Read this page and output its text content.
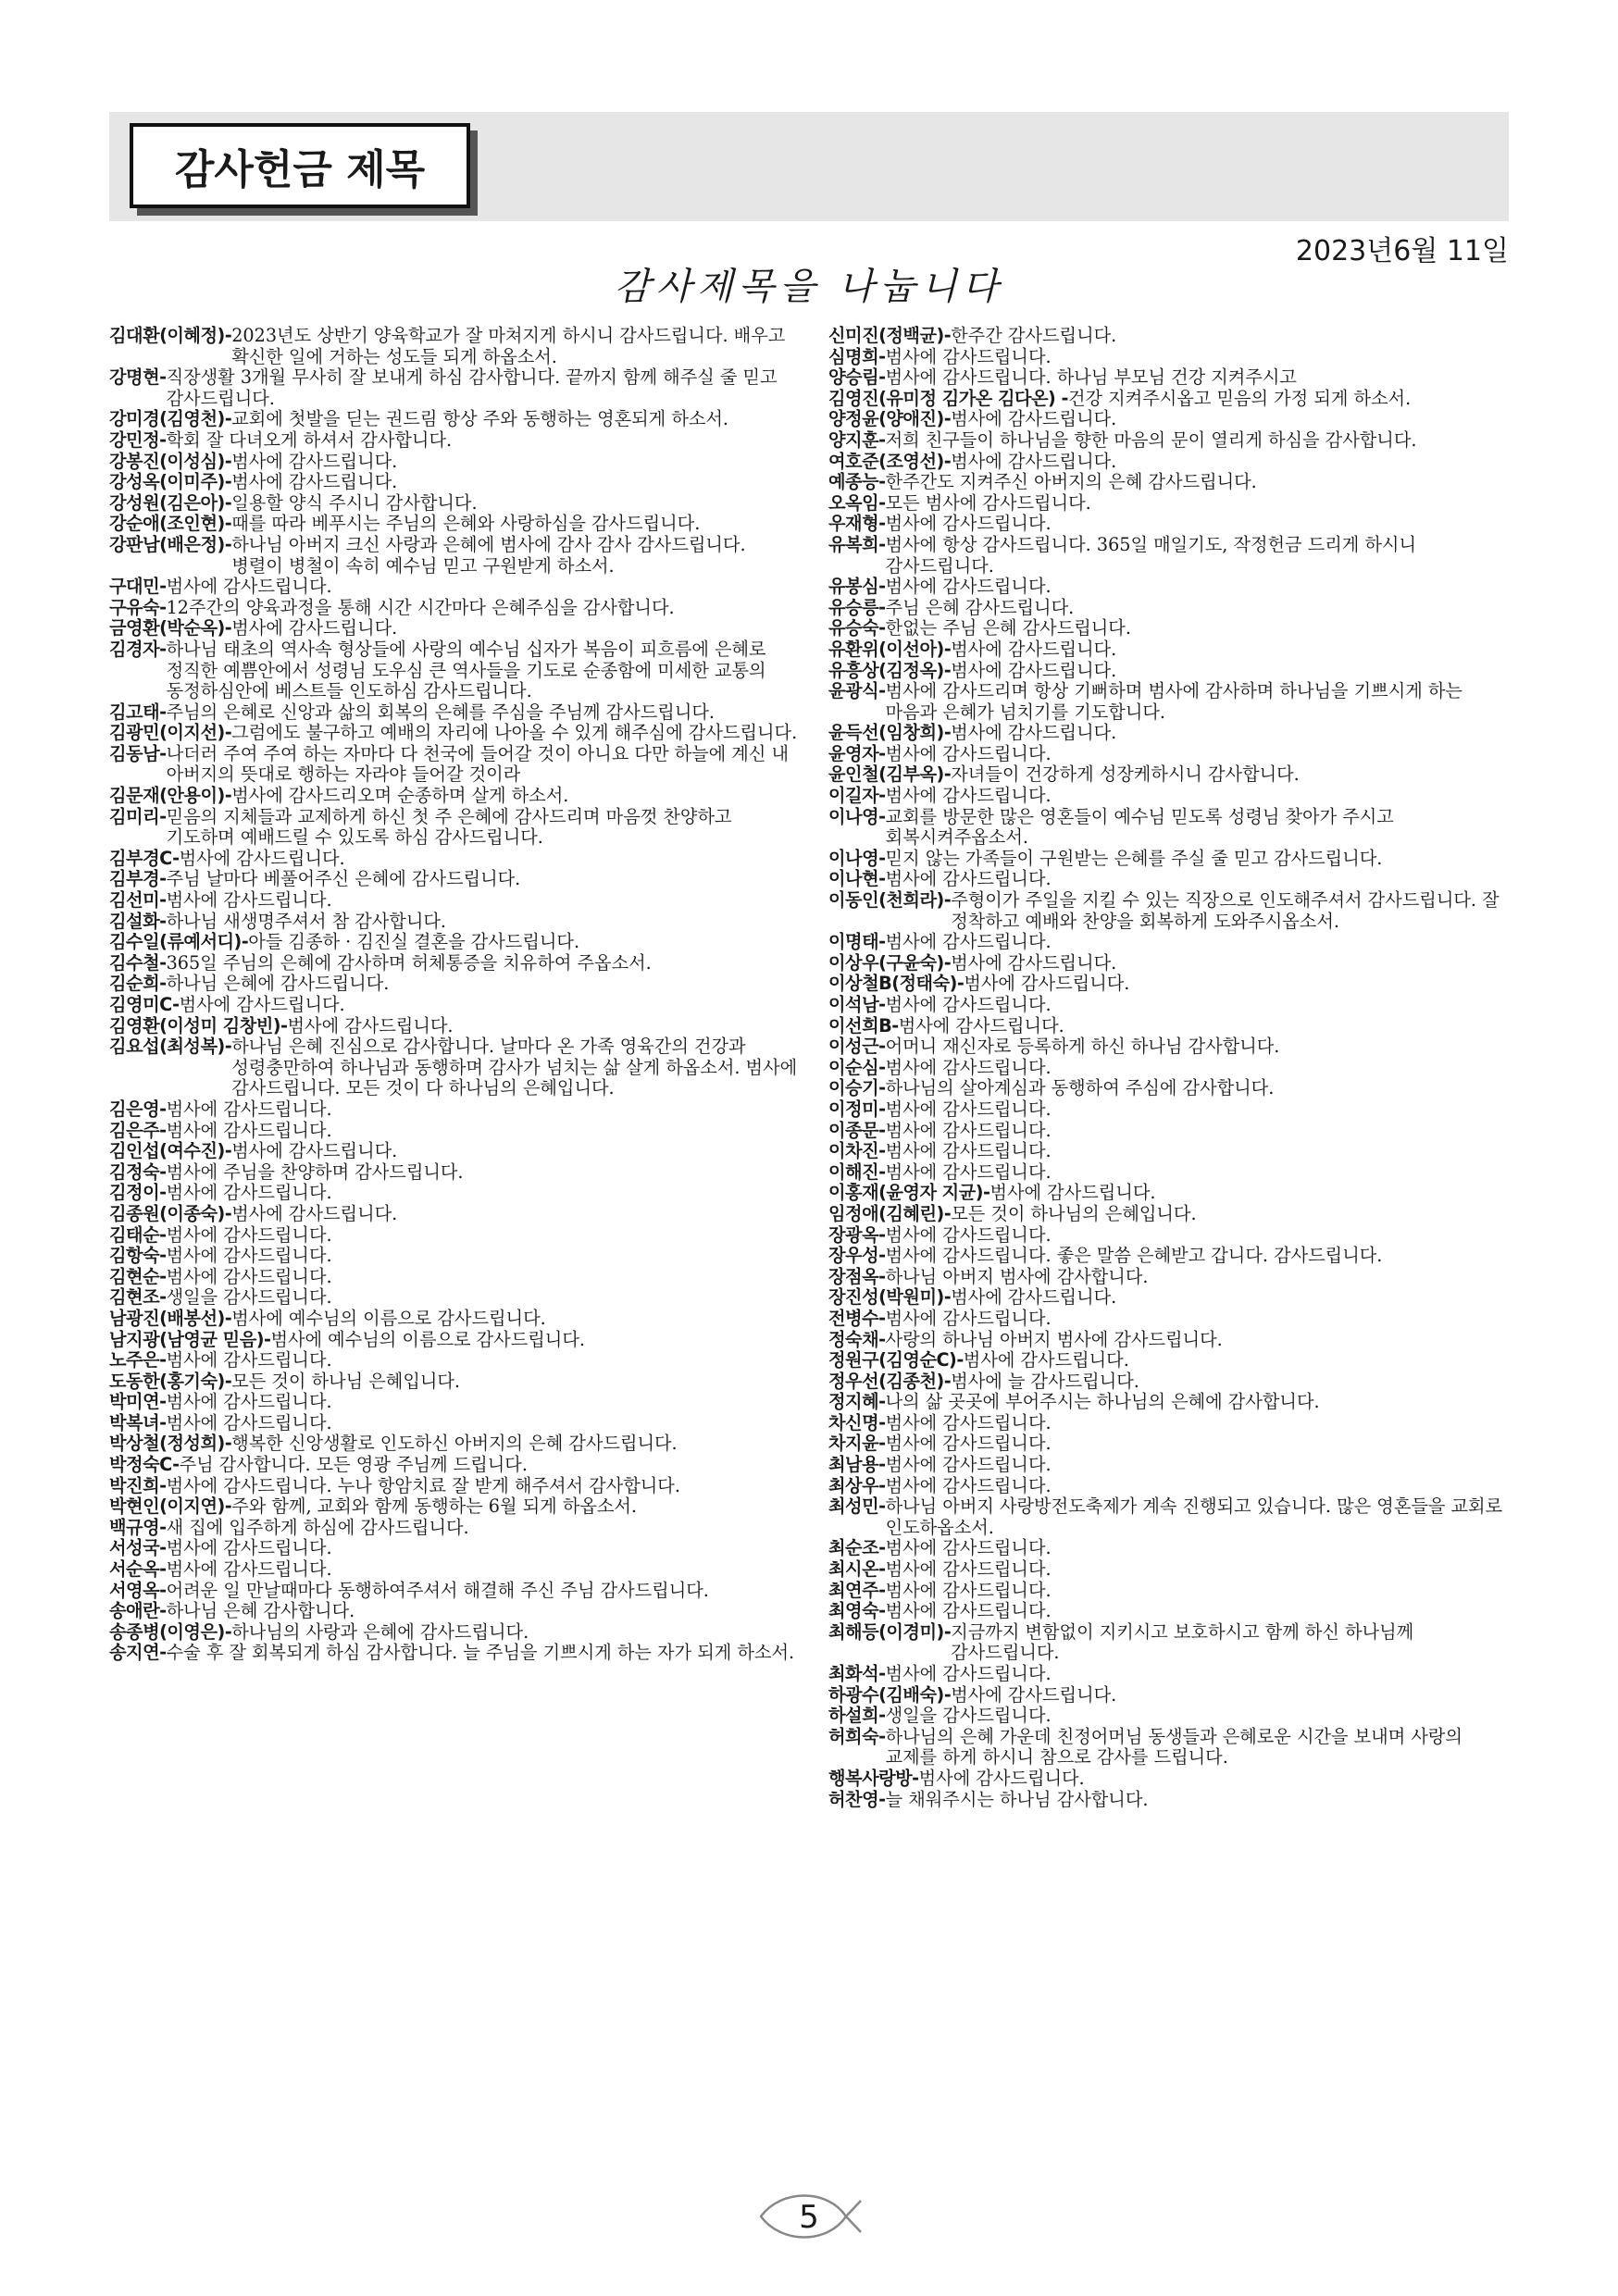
감사헌금 제목
2023년6월 11일
감사제목을 나눕니다
김대환(이혜정)- 2023년도 상반기 양육학교가 잘 마쳐지게 하시니 감사드립니다. 배우고 확신한 일에 거하는 성도들 되게 하옵소서.
강명현- 직장생활 3개월 무사히 잘 보내게 하심 감사합니다. 끝까지 함께 해주실 줄 믿고 감사드립니다.
강미경(김영천)- 교회에 첫발을 딛는 권드림 항상 주와 동행하는 영혼되게 하소서.
강민정- 학회 잘 다녀오게 하셔서 감사합니다.
강봉진(이성심)- 범사에 감사드립니다.
강성옥(이미주)- 범사에 감사드립니다.
강성원(김은아)- 일용할 양식 주시니 감사합니다.
강순애(조인현)- 때를 따라 베푸시는 주님의 은혜와 사랑하심을 감사드립니다.
강판남(배은정)- 하나님 아버지 크신 사랑과 은혜에 범사에 감사 감사 감사드립니다. 병렬이 병철이 속히 예수님 믿고 구원받게 하소서.
구대민- 범사에 감사드립니다.
구유숙- 12주간의 양육과정을 통해 시간 시간마다 은혜주심을 감사합니다.
금영환(박순옥)- 범사에 감사드립니다.
김경자- 하나님 태초의 역사속 형상들에 사랑의 예수님 십자가 복음이 피흐름에 은혜로 정직한 예쁨안에서 성령님 도우심 큰 역사들을 기도로 순종함에 미세한 교통의 동정하심안에 베스트들 인도하심 감사드립니다.
김고태- 주님의 은혜로 신앙과 삶의 회복의 은혜를 주심을 주님께 감사드립니다.
김광민(이지선)- 그럼에도 불구하고 예배의 자리에 나아올 수 있게 해주심에 감사드립니다.
김동남- 나더러 주여 주여 하는 자마다 다 천국에 들어갈 것이 아니요 다만 하늘에 계신 내 아버지의 뜻대로 행하는 자라야 들어갈 것이라
김문재(안용이)- 범사에 감사드리오며 순종하며 살게 하소서.
김미리- 믿음의 지체들과 교제하게 하신 첫 주 은혜에 감사드리며 마음껏 찬양하고 기도하며 예배드릴 수 있도록 하심 감사드립니다.
김부경C- 범사에 감사드립니다.
김부경- 주님 날마다 베풀어주신 은혜에 감사드립니다.
김선미- 범사에 감사드립니다.
김설화- 하나님 새생명주셔서 참 감사합니다.
김수일(류예서디)- 아들 김종하 · 김진실 결혼을 감사드립니다.
김수철- 365일 주님의 은혜에 감사하며 허체통증을 치유하여 주옵소서.
김순희- 하나님 은혜에 감사드립니다.
김영미C- 범사에 감사드립니다.
김영환(이성미 김창빈)- 범사에 감사드립니다.
김요섭(최성복)- 하나님 은혜 진심으로 감사합니다. 날마다 온 가족 영육간의 건강과 성령충만하여 하나님과 동행하며 감사가 넘치는 삶 살게 하옵소서. 범사에 감사드립니다. 모든 것이 다 하나님의 은혜입니다.
김은영- 범사에 감사드립니다.
김은주- 범사에 감사드립니다.
김인섭(여수진)- 범사에 감사드립니다.
김정숙- 범사에 주님을 찬양하며 감사드립니다.
김정이- 범사에 감사드립니다.
김종원(이종숙)- 범사에 감사드립니다.
김태순- 범사에 감사드립니다.
김항숙- 범사에 감사드립니다.
김현순- 범사에 감사드립니다.
김현조- 생일을 감사드립니다.
남광진(배봉선)- 범사에 예수님의 이름으로 감사드립니다.
남지광(남영균 믿음)- 범사에 예수님의 이름으로 감사드립니다.
노주은- 범사에 감사드립니다.
도동한(홍기숙)- 모든 것이 하나님 은혜입니다.
박미연- 범사에 감사드립니다.
박복녀- 범사에 감사드립니다.
박상철(정성희)- 행복한 신앙생활로 인도하신 아버지의 은혜 감사드립니다.
박정숙C- 주님 감사합니다. 모든 영광 주님께 드립니다.
박진희- 범사에 감사드립니다. 누나 항암치료 잘 받게 해주셔서 감사합니다.
박현인(이지연)- 주와 함께, 교회와 함께 동행하는 6월 되게 하옵소서.
백규영- 새 집에 입주하게 하심에 감사드립니다.
서성국- 범사에 감사드립니다.
서순옥- 범사에 감사드립니다.
서영옥- 어려운 일 만날때마다 동행하여주셔서 해결해 주신 주님 감사드립니다.
송애란- 하나님 은혜 감사합니다.
송종병(이영은)- 하나님의 사랑과 은혜에 감사드립니다.
송지연- 수술 후 잘 회복되게 하심 감사합니다. 늘 주님을 기쁘시게 하는 자가 되게 하소서.
신미진(정백균)- 한주간 감사드립니다.
심명희- 범사에 감사드립니다.
양승림- 범사에 감사드립니다. 하나님 부모님 건강 지켜주시고
김영진(유미정 김가온 김다온) - 건강 지켜주시옵고 믿음의 가정 되게 하소서.
양정윤(양애진)- 범사에 감사드립니다.
양지훈- 저희 친구들이 하나님을 향한 마음의 문이 열리게 하심을 감사합니다.
여호준(조영선)- 범사에 감사드립니다.
예종능- 한주간도 지켜주신 아버지의 은혜 감사드립니다.
오옥임- 모든 범사에 감사드립니다.
우재형- 범사에 감사드립니다.
유복희- 범사에 항상 감사드립니다. 365일 매일기도, 작정헌금 드리게 하시니 감사드립니다.
유봉심- 범사에 감사드립니다.
유승릉- 주님 은혜 감사드립니다.
유승숙- 한없는 주님 은혜 감사드립니다.
유환위(이선아)- 범사에 감사드립니다.
유흥상(김정옥)- 범사에 감사드립니다.
윤광식- 범사에 감사드리며 항상 기뻐하며 범사에 감사하며 하나님을 기쁘시게 하는 마음과 은혜가 넘치기를 기도합니다.
윤득선(임창희)- 범사에 감사드립니다.
윤영자- 범사에 감사드립니다.
윤인철(김부옥)- 자녀들이 건강하게 성장케하시니 감사합니다.
이길자- 범사에 감사드립니다.
이나영- 교회를 방문한 많은 영혼들이 예수님 믿도록 성령님 찾아가 주시고 회복시켜주옵소서.
이나영- 믿지 않는 가족들이 구원받는 은혜를 주실 줄 믿고 감사드립니다.
이나현- 범사에 감사드립니다.
이동인(천희라)- 주형이가 주일을 지킬 수 있는 직장으로 인도해주셔서 감사드립니다. 잘 정착하고 예배와 찬양을 회복하게 도와주시옵소서.
이명태- 범사에 감사드립니다.
이상우(구윤숙)- 범사에 감사드립니다.
이상철B(정태숙)- 범사에 감사드립니다.
이석남- 범사에 감사드립니다.
이선희B- 범사에 감사드립니다.
이성근- 어머니 재신자로 등록하게 하신 하나님 감사합니다.
이순심- 범사에 감사드립니다.
이승기- 하나님의 살아계심과 동행하여 주심에 감사합니다.
이정미- 범사에 감사드립니다.
이종문- 범사에 감사드립니다.
이차진- 범사에 감사드립니다.
이해진- 범사에 감사드립니다.
이홍재(윤영자 지균)- 범사에 감사드립니다.
임정애(김혜린)- 모든 것이 하나님의 은혜입니다.
장광옥- 범사에 감사드립니다.
장우성- 범사에 감사드립니다. 좋은 말씀 은혜받고 갑니다. 감사드립니다.
장점옥- 하나님 아버지 범사에 감사합니다.
장진성(박원미)- 범사에 감사드립니다.
전병수- 범사에 감사드립니다.
정숙채- 사랑의 하나님 아버지 범사에 감사드립니다.
정원구(김영순C)- 범사에 감사드립니다.
정우선(김종천)- 범사에 늘 감사드립니다.
정지혜- 나의 삶 곳곳에 부어주시는 하나님의 은혜에 감사합니다.
차신명- 범사에 감사드립니다.
차지윤- 범사에 감사드립니다.
최남용- 범사에 감사드립니다.
최상우- 범사에 감사드립니다.
최성민- 하나님 아버지 사랑방전도축제가 계속 진행되고 있습니다. 많은 영혼들을 교회로 인도하옵소서.
최순조- 범사에 감사드립니다.
최시온- 범사에 감사드립니다.
최연주- 범사에 감사드립니다.
최영숙- 범사에 감사드립니다.
최해등(이경미)- 지금까지 변함없이 지키시고 보호하시고 함께 하신 하나님께 감사드립니다.
최화석- 범사에 감사드립니다.
하광수(김배숙)- 범사에 감사드립니다.
하설희- 생일을 감사드립니다.
허희숙- 하나님의 은혜 가운데 친정어머님 동생들과 은혜로운 시간을 보내며 사랑의 교제를 하게 하시니 참으로 감사를 드립니다.
행복사랑방- 범사에 감사드립니다.
허찬영- 늘 채워주시는 하나님 감사합니다.
5
